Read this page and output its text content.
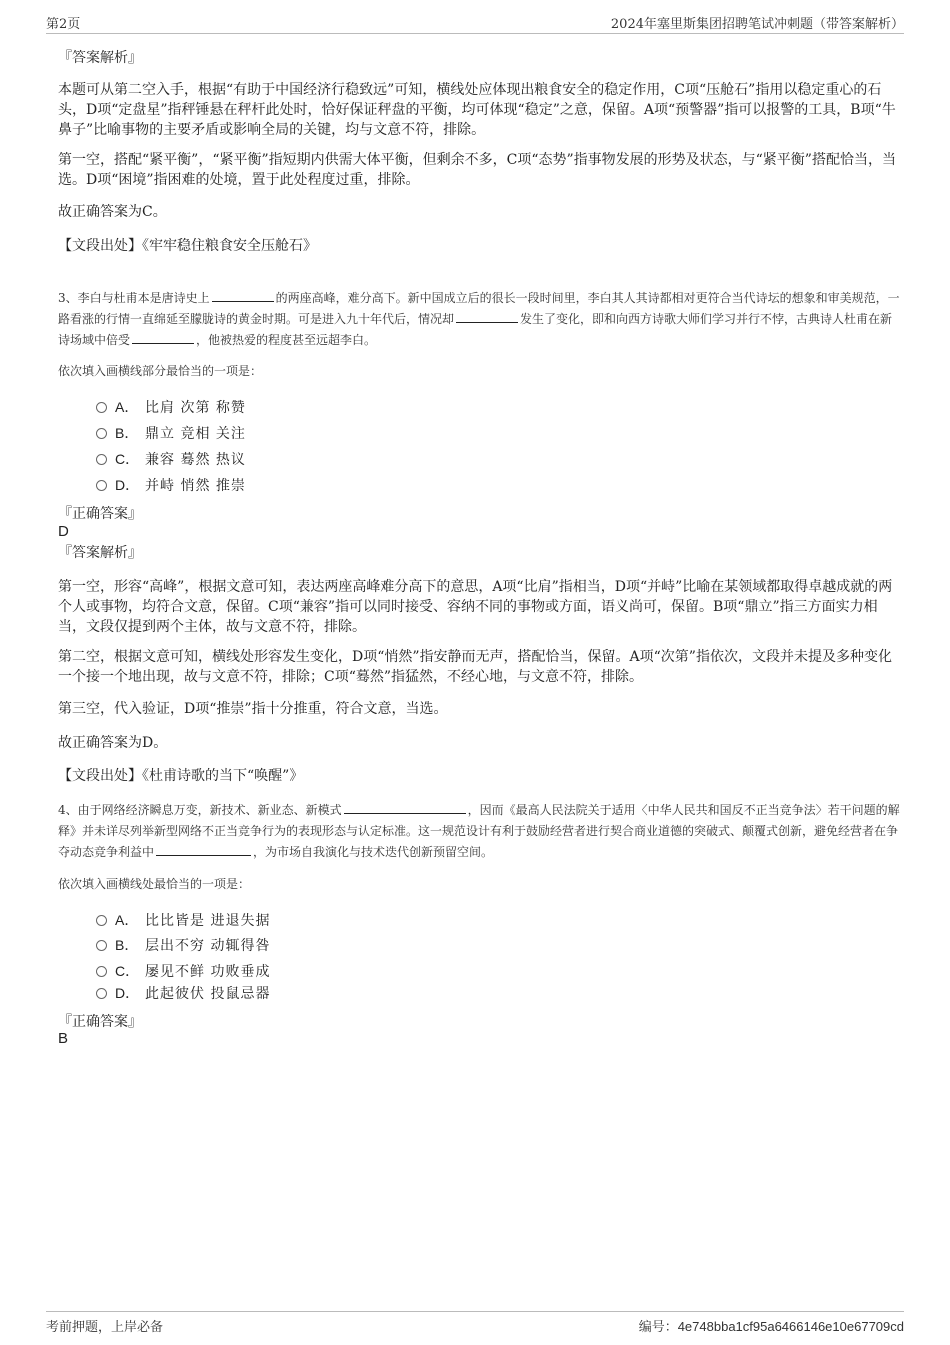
第2页	2024年塞里斯集团招聘笔试冲刺题（带答案解析）
『答案解析』
本题可从第二空入手，根据“有助于中国经济行稳致远”可知，横线处应体现出粮食安全的稳定作用，C项“压舱石”指用以稳定重心的石头，D项“定盘星”指秤锤悬在秤杆此处时，恰好保证秤盘的平衡，均可体现“稳定”之意，保留。A项“预警器”指可以报警的工具，B项“牛鼻子”比喻事物的主要矛盾或影响全局的关键，均与文意不符，排除。
第一空，搭配“紧平衡”，“紧平衡”指短期内供需大体平衡，但剩余不多，C项“态势”指事物发展的形势及状态，与“紧平衡”搭配恰当，当选。D项“困境”指困难的处境，置于此处程度过重，排除。
故正确答案为C。
【文段出处】《牢牢稳住粮食安全压舱石》
3、李白与杜甫本是唐诗史上	的两座高峰，难分高下。新中国成立后的很长一段时间里，李白其人其诗都相对更符合当代诗坛的想象和审美规范，一路看涨的行情一直绵延至朦胧诗的黄金时期。可是进入九十年代后，情况却	发生了变化，即和向西方诗歌大师们学习并行不悖，古典诗人杜甫在新诗场域中倍受	，他被热爱的程度甚至远超李白。
依次填入画横线部分最恰当的一项是：
A． 比肩 次第 称赞
B． 鼎立 竞相 关注
C． 兼容 蓦然 热议
D． 并峙 悄然 推崇
『正确答案』
D
『答案解析』
第一空，形容“高峰”，根据文意可知，表达两座高峰难分高下的意思，A项“比肩”指相当，D项“并峙”比喻在某领域都取得卓越成就的两个人或事物，均符合文意，保留。C项“兼容”指可以同时接受、容纳不同的事物或方面，语义尚可，保留。B项“鼎立”指三方面实力相当，文段仅提到两个主体，故与文意不符，排除。
第二空，根据文意可知，横线处形容发生变化，D项“悄然”指安静而无声，搭配恰当，保留。A项“次第”指依次，文段并未提及多种变化一个接一个地出现，故与文意不符，排除；C项“蓦然”指猛然，不经心地，与文意不符，排除。
第三空，代入验证，D项“推崇”指十分推重，符合文意，当选。
故正确答案为D。
【文段出处】《杜甫诗歌的当下“唤醒”》
4、由于网络经济瞬息万变，新技术、新业态、新模式	，因而《最高人民法院关于适用〈中华人民共和国反不正当竞争法〉若干问题的解释》并未详尽列举新型网络不正当竞争行为的表现形态与认定标准。这一规范设计有利于鼓励经营者进行契合商业道德的突破式、颠覆式创新，避免经营者在争夺动态竞争利益中	，为市场自我演化与技术迭代创新预留空间。
依次填入画横线处最恰当的一项是：
A． 比比皆是 进退失据
B． 层出不穷 动辄得咎
C． 屡见不鲜 功败垂成
D． 此起彼伏 投鼠忌器
『正确答案』
B
考前押题，上岸必备	编号：4e748bba1cf95a6466146e10e67709cd
